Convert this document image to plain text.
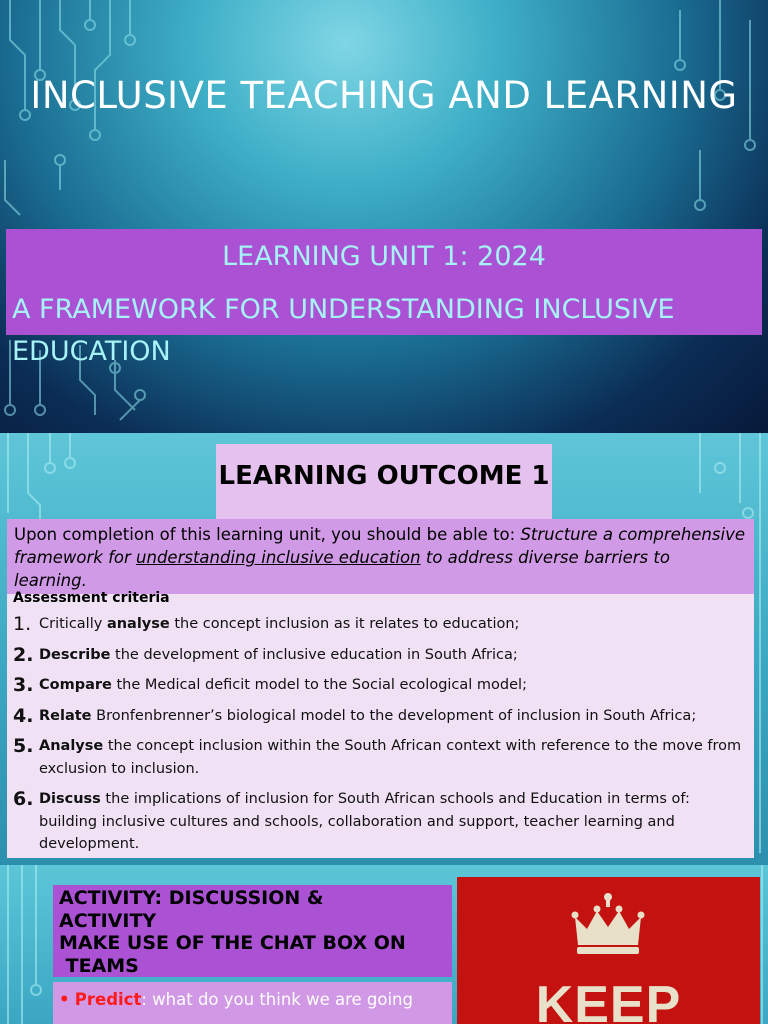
INCLUSIVE TEACHING AND LEARNING
LEARNING UNIT 1: 2024
A FRAMEWORK FOR UNDERSTANDING INCLUSIVE EDUCATION
LEARNING OUTCOME 1

Upon completion of this learning unit, you should be able to: Structure a comprehensive framework for understanding inclusive education to address diverse barriers to learning.

Assessment criteria
1. Critically analyse the concept inclusion as it relates to education;
2. Describe the development of inclusive education in South Africa;
3. Compare the Medical deficit model to the Social ecological model;
4. Relate Bronfenbrenner’s biological model to the development of inclusion in South Africa;
5. Analyse the concept inclusion within the South African context with reference to the move from exclusion to inclusion.
6. Discuss the implications of inclusion for South African schools and Education in terms of: building inclusive cultures and schools, collaboration and support, teacher learning and development.
ACTIVITY: DISCUSSION &
ACTIVITY
MAKE USE OF THE CHAT BOX ON
TEAMS

• Predict: what do you think we are going	KEEP
